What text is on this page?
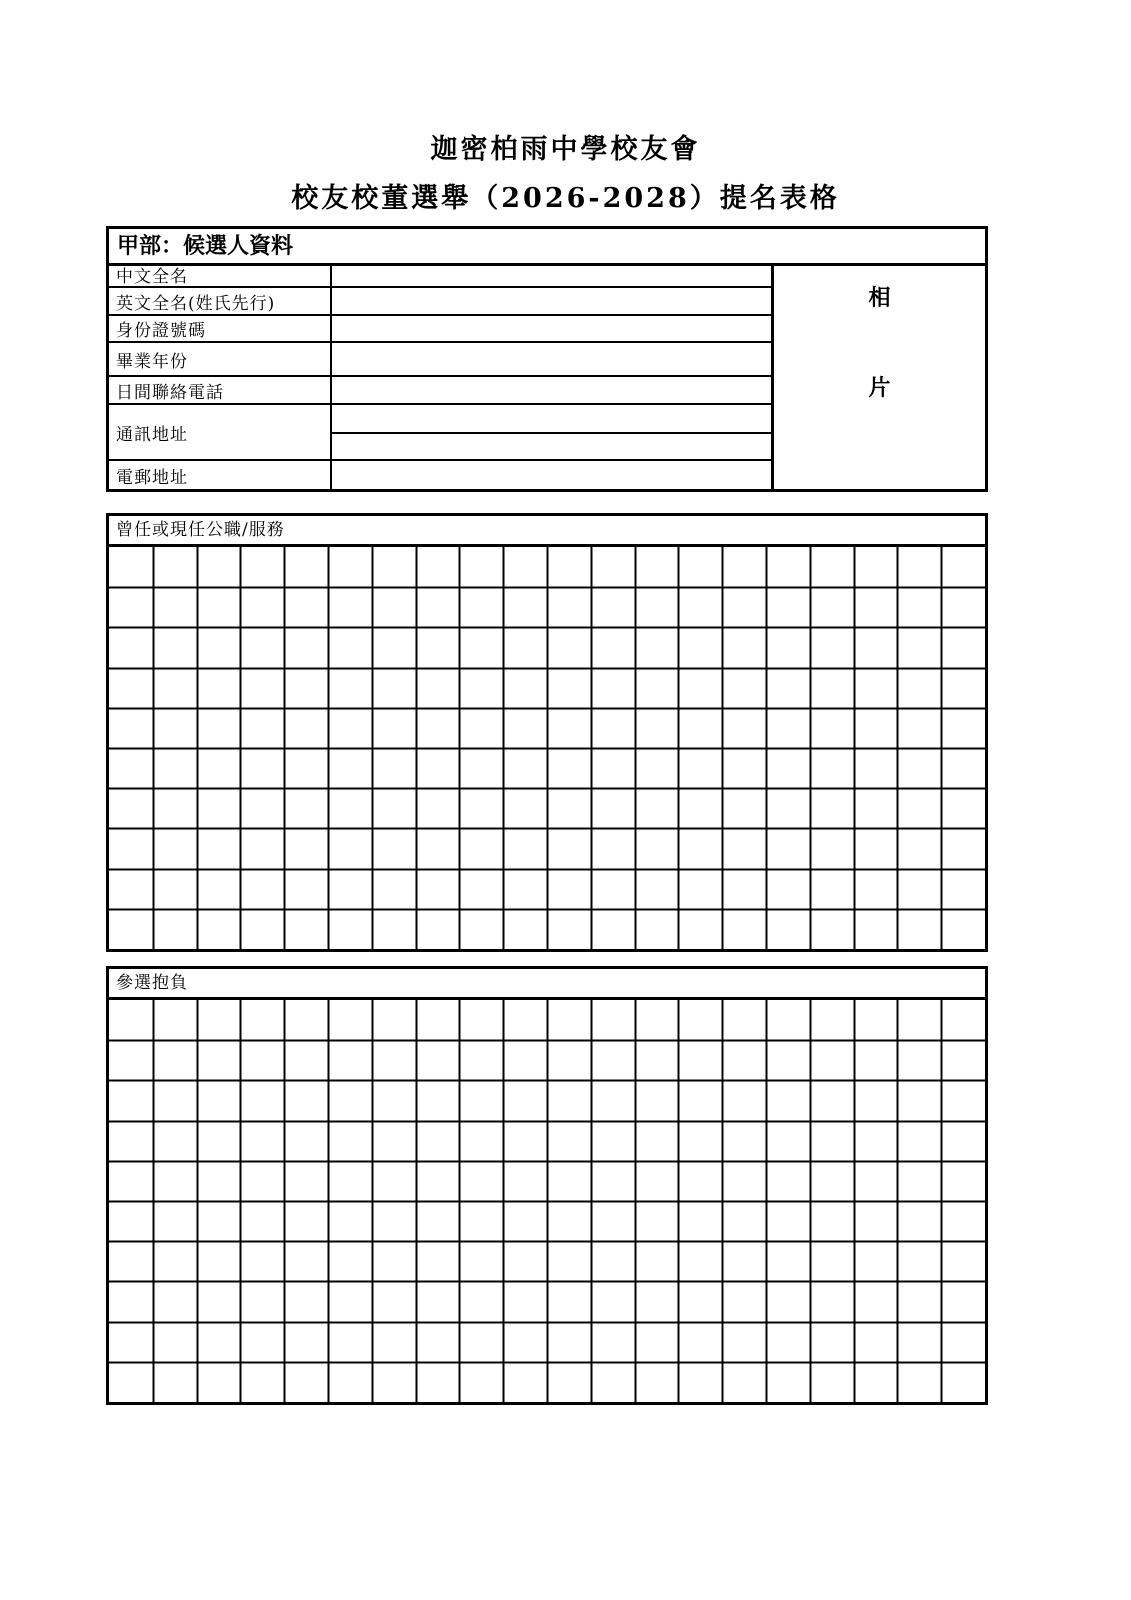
迦密柏雨中學校友會
校友校董選舉（2026-2028）提名表格
甲部：候選人資料
中文全名
英文全名(姓氏先行)
身份證號碼
畢業年份
日間聯絡電話
通訊地址
電郵地址
相
片
曾任或現任公職/服務
參選抱負
